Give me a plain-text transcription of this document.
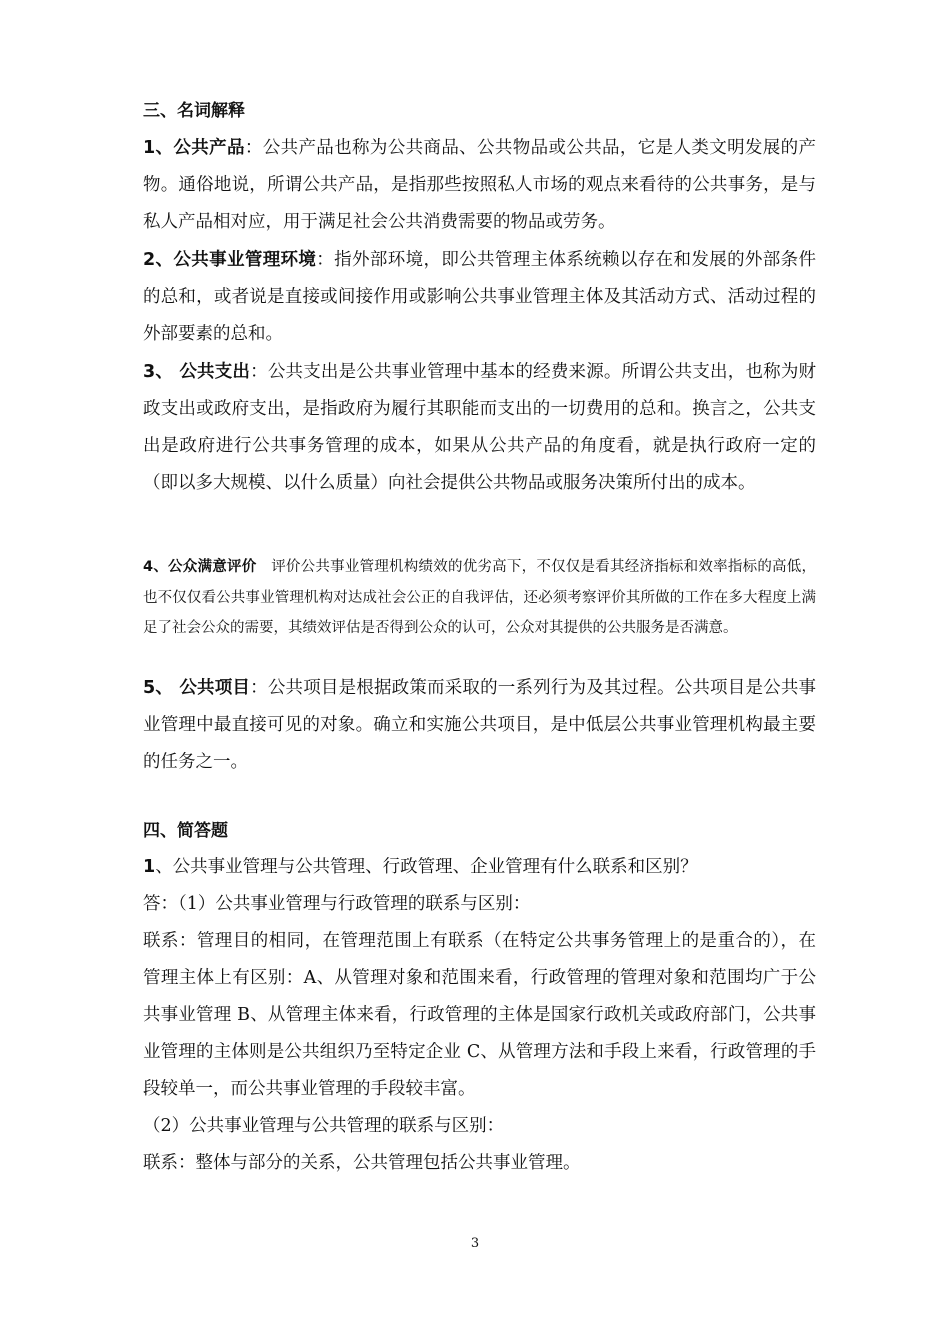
三、名词解释

1、公共产品：公共产品也称为公共商品、公共物品或公共品，它是人类文明发展的产物。通俗地说，所谓公共产品，是指那些按照私人市场的观点来看待的公共事务，是与私人产品相对应，用于满足社会公共消费需要的物品或劳务。

2、公共事业管理环境：指外部环境，即公共管理主体系统赖以存在和发展的外部条件的总和，或者说是直接或间接作用或影响公共事业管理主体及其活动方式、活动过程的外部要素的总和。

3、 公共支出：公共支出是公共事业管理中基本的经费来源。所谓公共支出，也称为财政支出或政府支出，是指政府为履行其职能而支出的一切费用的总和。换言之，公共支出是政府进行公共事务管理的成本，如果从公共产品的角度看，就是执行政府一定的（即以多大规模、以什么质量）向社会提供公共物品或服务决策所付出的成本。

4、公众满意评价　 评价公共事业管理机构绩效的优劣高下，不仅仅是看其经济指标和效率指标的高低，也不仅仅看公共事业管理机构对达成社会公正的自我评估，还必须考察评价其所做的工作在多大程度上满足了社会公众的需要，其绩效评估是否得到公众的认可，公众对其提供的公共服务是否满意。

5、 公共项目：公共项目是根据政策而采取的一系列行为及其过程。公共项目是公共事业管理中最直接可见的对象。确立和实施公共项目，是中低层公共事业管理机构最主要的任务之一。

四、简答题

1、公共事业管理与公共管理、行政管理、企业管理有什么联系和区别？

答：（1）公共事业管理与行政管理的联系与区别：

联系：管理目的相同，在管理范围上有联系（在特定公共事务管理上的是重合的），在管理主体上有区别：A、从管理对象和范围来看，行政管理的管理对象和范围均广于公共事业管理 B、从管理主体来看，行政管理的主体是国家行政机关或政府部门，公共事业管理的主体则是公共组织乃至特定企业 C、从管理方法和手段上来看，行政管理的手段较单一，而公共事业管理的手段较丰富。

（2）公共事业管理与公共管理的联系与区别：

联系：整体与部分的关系，公共管理包括公共事业管理。

3
